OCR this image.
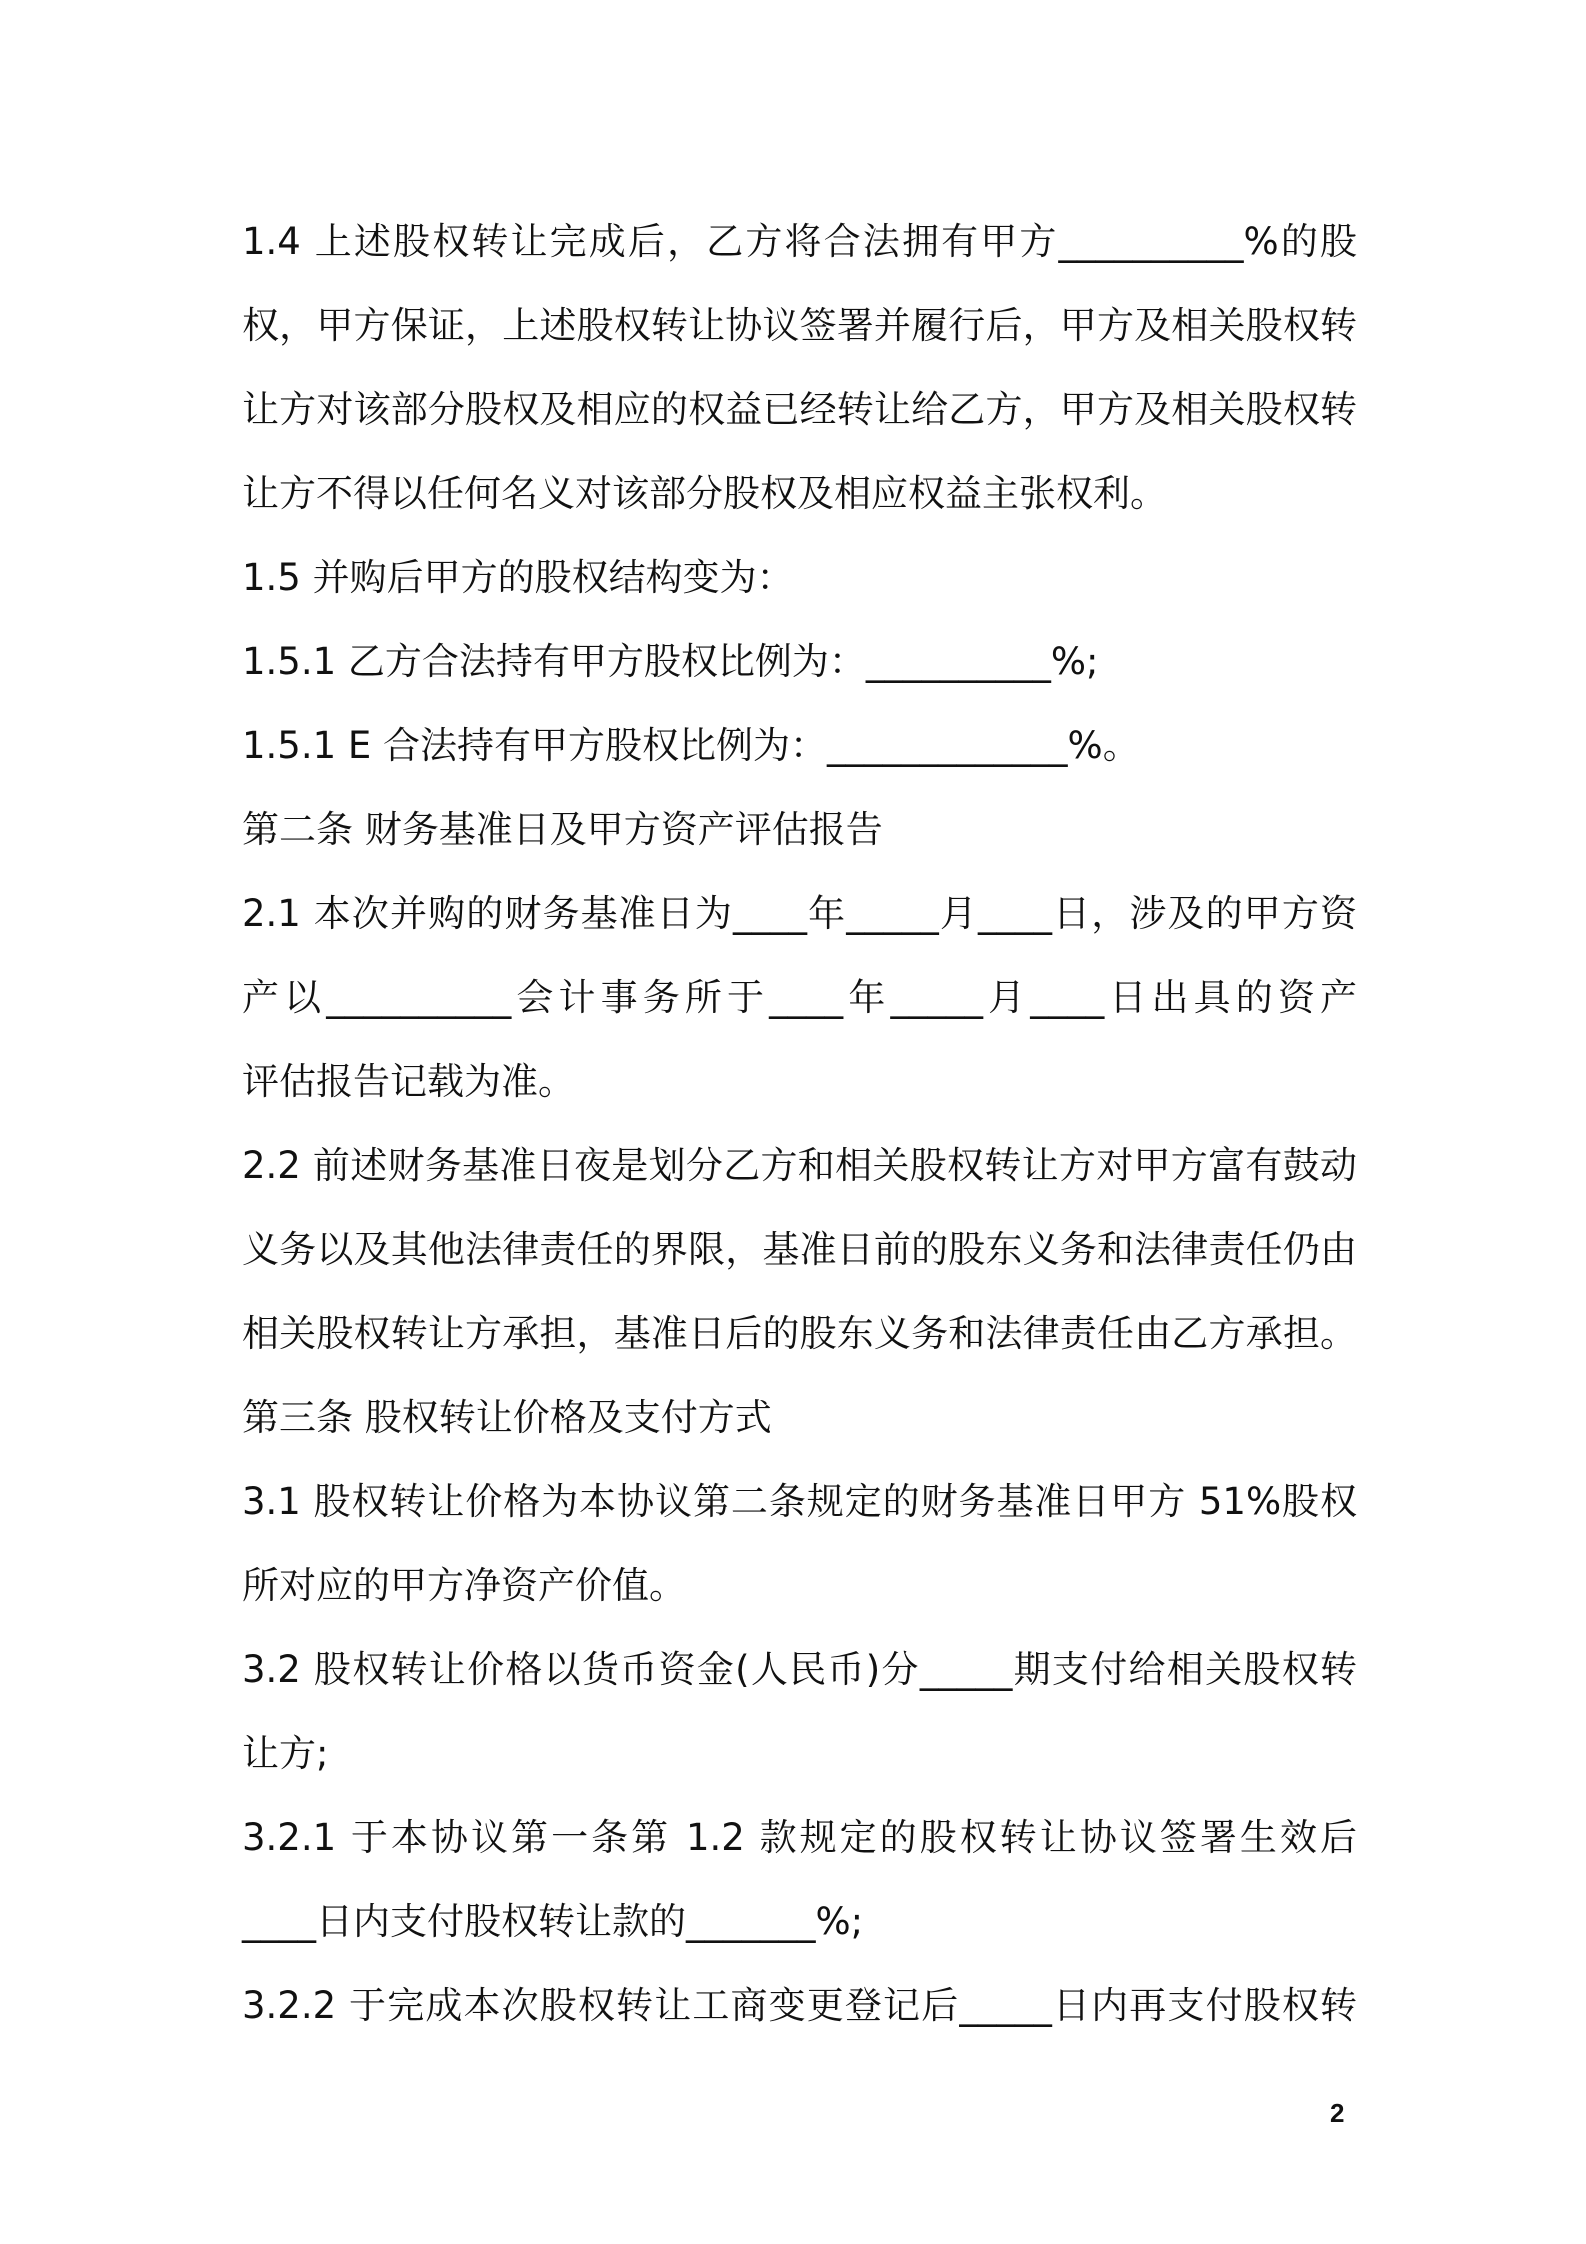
1.4 上述股权转让完成后，乙方将合法拥有甲方__________%的股
权，甲方保证，上述股权转让协议签署并履行后，甲方及相关股权转
让方对该部分股权及相应的权益已经转让给乙方，甲方及相关股权转
让方不得以任何名义对该部分股权及相应权益主张权利。
1.5 并购后甲方的股权结构变为：
1.5.1 乙方合法持有甲方股权比例为：__________%;
1.5.1 E 合法持有甲方股权比例为：_____________%。
第二条 财务基准日及甲方资产评估报告
2.1 本次并购的财务基准日为____年_____月____日，涉及的甲方资
产以__________会计事务所于____年_____月____日出具的资产
评估报告记载为准。
2.2 前述财务基准日夜是划分乙方和相关股权转让方对甲方富有鼓动
义务以及其他法律责任的界限，基准日前的股东义务和法律责任仍由
相关股权转让方承担，基准日后的股东义务和法律责任由乙方承担。
第三条 股权转让价格及支付方式
3.1 股权转让价格为本协议第二条规定的财务基准日甲方 51%股权
所对应的甲方净资产价值。
3.2 股权转让价格以货币资金(人民币)分_____期支付给相关股权转
让方;
3.2.1 于本协议第一条第 1.2 款规定的股权转让协议签署生效后
____日内支付股权转让款的_______%;
3.2.2 于完成本次股权转让工商变更登记后_____日内再支付股权转
2
